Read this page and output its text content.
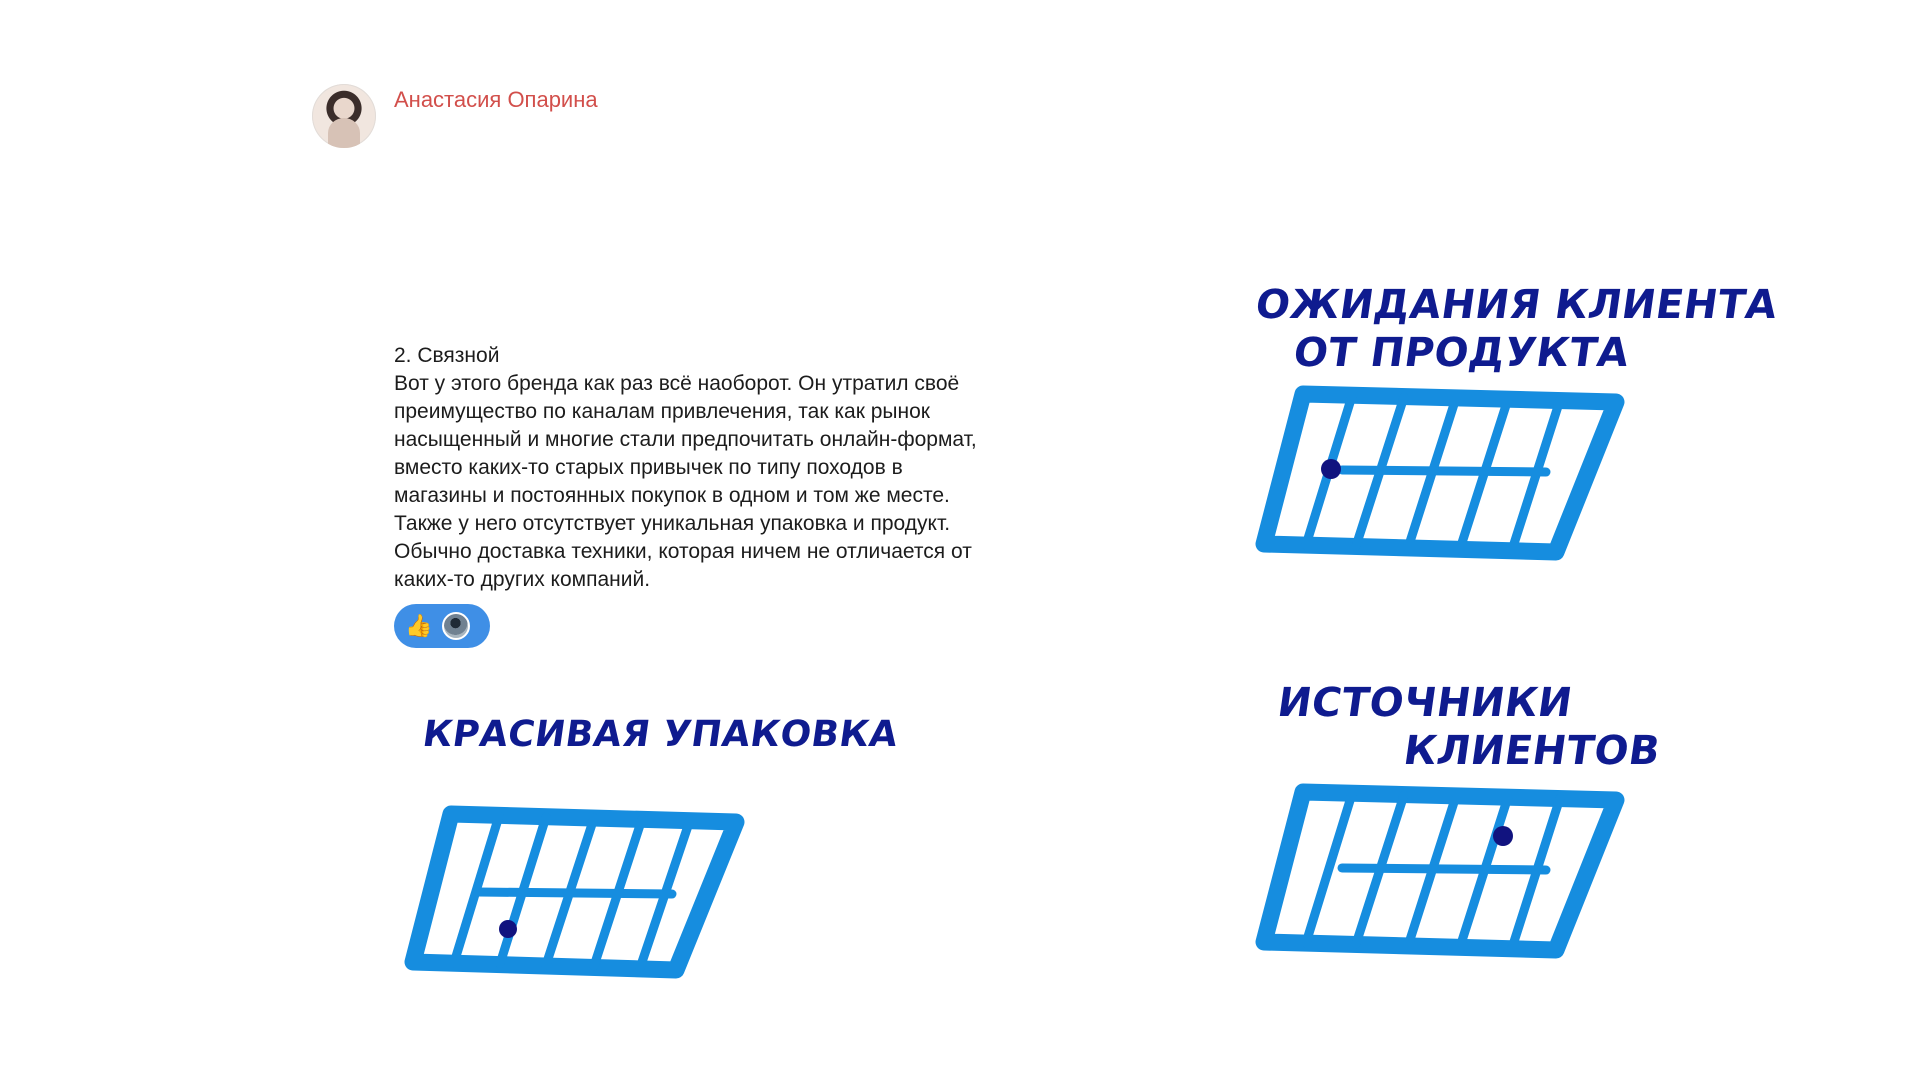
Анастасия Опарина

2. Связной

Вот у этого бренда как раз всё наоборот. Он утратил своё
преимущество по каналам привлечения, так как рынок
насыщенный и многие стали предпочитать онлайн-формат,
вместо каких-то старых привычек по типу походов в
магазины и постоянных покупок в одном и том же месте.
Также у него отсутствует уникальная упаковка и продукт.
Обычно доставка техники, которая ничем не отличается от
каких-то других компаний.

👍
ОЖИДАНИЯ КЛИЕНТА
ОТ ПРОДУКТА
КРАСИВАЯ УПАКОВКА
ИСТОЧНИКИ
КЛИЕНТОВ
